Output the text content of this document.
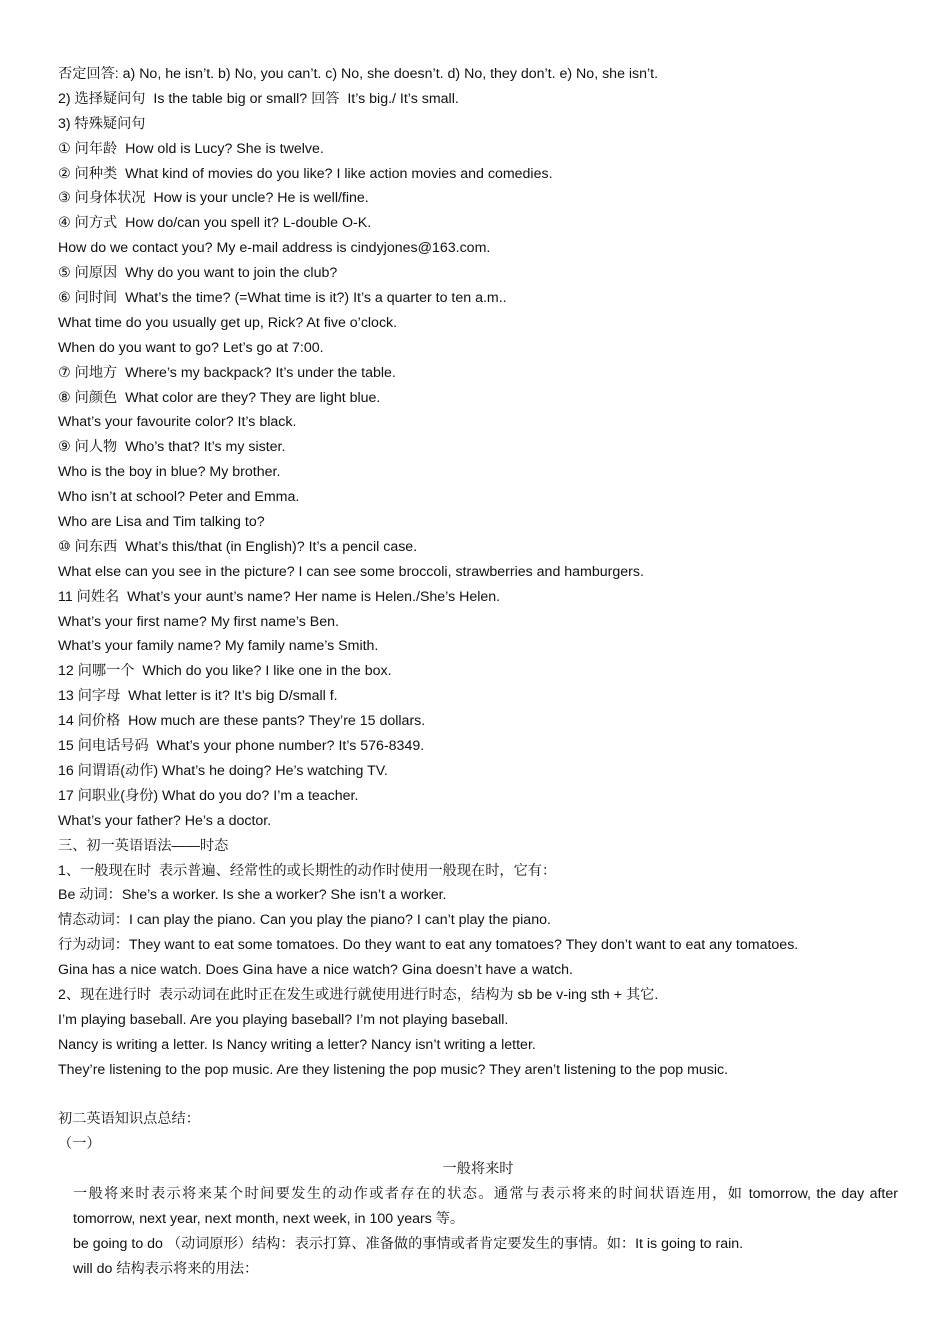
否定回答: a) No, he isn’t. b) No, you can’t. c) No, she doesn’t. d) No, they don’t. e) No, she isn’t.
2) 选择疑问句  Is the table big or small? 回答  It’s big./ It’s small.
3) 特殊疑问句
① 问年龄  How old is Lucy? She is twelve.
② 问种类  What kind of movies do you like? I like action movies and comedies.
③ 问身体状况  How is your uncle? He is well/fine.
④ 问方式  How do/can you spell it? L-double O-K.
How do we contact you? My e-mail address is cindyjones@163.com.
⑤ 问原因  Why do you want to join the club?
⑥ 问时间  What’s the time? (=What time is it?) It’s a quarter to ten a.m..
What time do you usually get up, Rick? At five o’clock.
When do you want to go? Let’s go at 7:00.
⑦ 问地方  Where’s my backpack? It’s under the table.
⑧ 问颜色  What color are they? They are light blue.
What’s your favourite color? It’s black.
⑨ 问人物  Who’s that? It’s my sister.
Who is the boy in blue? My brother.
Who isn’t at school? Peter and Emma.
Who are Lisa and Tim talking to?
⑩ 问东西  What’s this/that (in English)? It’s a pencil case.
What else can you see in the picture? I can see some broccoli, strawberries and hamburgers.
11 问姓名  What’s your aunt’s name? Her name is Helen./She’s Helen.
What’s your first name? My first name’s Ben.
What’s your family name? My family name’s Smith.
12 问哪一个  Which do you like? I like one in the box.
13 问字母  What letter is it? It’s big D/small f.
14 问价格  How much are these pants? They’re 15 dollars.
15 问电话号码  What’s your phone number? It’s 576-8349.
16 问谓语(动作) What’s he doing? He’s watching TV.
17 问职业(身份) What do you do? I’m a teacher.
What’s your father? He’s a doctor.
三、初一英语语法——时态
1、一般现在时  表示普遍、经常性的或长期性的动作时使用一般现在时，它有：
Be 动词：She’s a worker. Is she a worker? She isn’t a worker.
情态动词：I can play the piano. Can you play the piano? I can’t play the piano.
行为动词：They want to eat some tomatoes. Do they want to eat any tomatoes? They don’t want to eat any tomatoes.
Gina has a nice watch. Does Gina have a nice watch? Gina doesn’t have a watch.
2、现在进行时  表示动词在此时正在发生或进行就使用进行时态，结构为 sb be v-ing sth + 其它.
I’m playing baseball. Are you playing baseball? I’m not playing baseball.
Nancy is writing a letter. Is Nancy writing a letter? Nancy isn’t writing a letter.
They’re listening to the pop music. Are they listening the pop music? They aren’t listening to the pop music.
初二英语知识点总结：
（一）
一般将来时
一般将来时表示将来某个时间要发生的动作或者存在的状态。通常与表示将来的时间状语连用，如 tomorrow, the day after tomorrow, next year, next month, next week, in 100 years 等。
be going to do （动词原形）结构：表示打算、准备做的事情或者肯定要发生的事情。如：It is going to rain.
will do 结构表示将来的用法：
